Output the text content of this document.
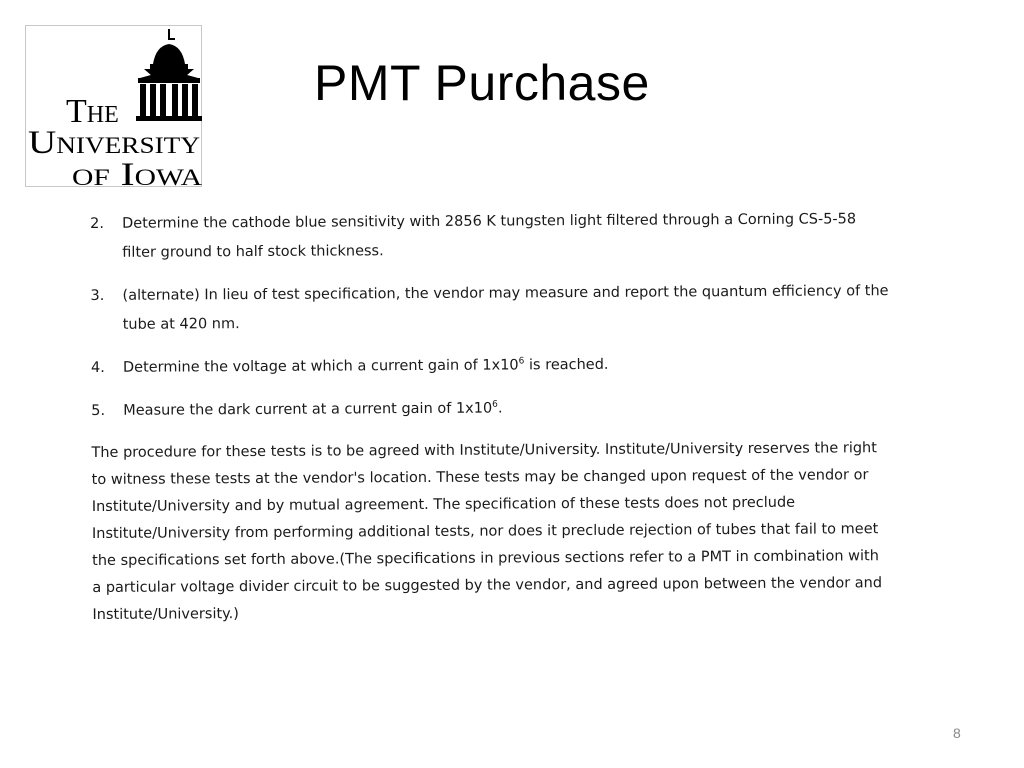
The
University
of Iowa
PMT Purchase
2.	Determine the cathode blue sensitivity with 2856 K tungsten light filtered through a Corning CS-5-58 filter ground to half stock thickness.
3.	(alternate) In lieu of test specification, the vendor may measure and report the quantum efficiency of the tube at 420 nm.
4.	Determine the voltage at which a current gain of $1x10^6$ is reached.
5.	Measure the dark current at a current gain of $1x10^6$.
The procedure for these tests is to be agreed with Institute/University. Institute/University reserves the right to witness these tests at the vendor's location. These tests may be changed upon request of the vendor or Institute/University and by mutual agreement. The specification of these tests does not preclude Institute/University from performing additional tests, nor does it preclude rejection of tubes that fail to meet the specifications set forth above.(The specifications in previous sections refer to a PMT in combination with a particular voltage divider circuit to be suggested by the vendor, and agreed upon between the vendor and Institute/University.)
8
